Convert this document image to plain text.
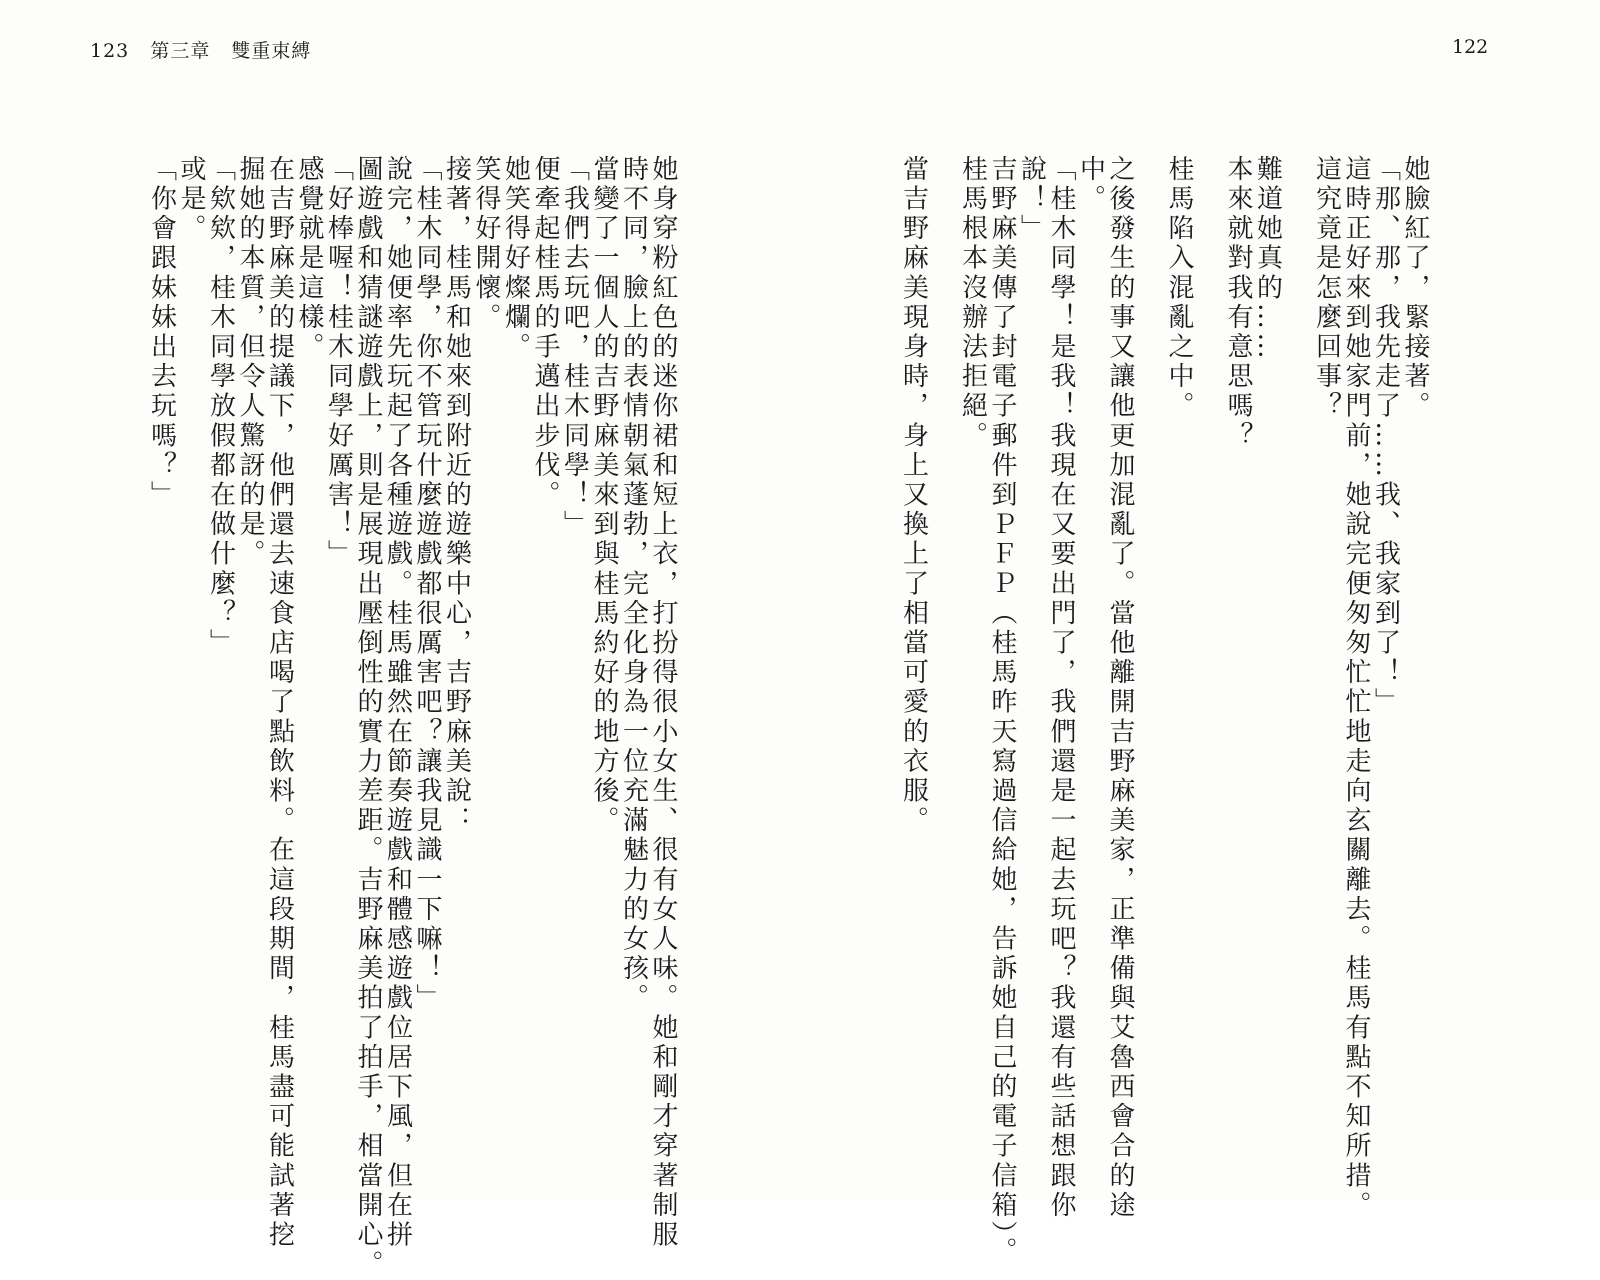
123 第三章 雙重束縛	122
她臉紅了，緊接著。
「那、那，我先走了……我、我家到了！」
這時正好來到她家門前，她說完便匆匆忙忙地走向玄關離去。桂馬有點不知所措。
這究竟是怎麼回事？
難道她真的……
本來就對我有意思嗎？
桂馬陷入混亂之中。
之後發生的事又讓他更加混亂了。當他離開吉野麻美家，正準備與艾魯西會合的途
中。
「桂木同學！是我！我現在又要出門了，我們還是一起去玩吧？我還有些話想跟你
說！」
吉野麻美傳了封電子郵件到ＰＦＰ（桂馬昨天寫過信給她，告訴她自己的電子信箱）。
桂馬根本沒辦法拒絕。
當吉野麻美現身時，身上又換上了相當可愛的衣服。
她身穿粉紅色的迷你裙和短上衣，打扮得很小女生、很有女人味。她和剛才穿著制服
時不同，臉上的表情朝氣蓬勃，完全化身為一位充滿魅力的女孩。
當變了一個人的吉野麻美來到與桂馬約好的地方後。
「我們去玩吧，桂木同學！」
便牽起桂馬的手邁出步伐。
她笑得好燦爛。
笑得好開懷。
接著，桂馬和她來到附近的遊樂中心，吉野麻美說：
「桂木同學，你不管玩什麼遊戲都很厲害吧？讓我見識一下嘛！」
說完，她便率先玩起了各種遊戲。桂馬雖然在節奏遊戲和體感遊戲位居下風，但在拼
圖遊戲和猜謎遊戲上，則是展現出壓倒性的實力差距。吉野麻美拍了拍手，相當開心。
「好棒喔！桂木同學好厲害！」
感覺就是這樣。
在吉野麻美的提議下，他們還去速食店喝了點飲料。在這段期間，桂馬盡可能試著挖
掘她的本質，但令人驚訝的是。
「欸欸，桂木同學放假都在做什麼？」
或是。
「你會跟妹妹出去玩嗎？」
